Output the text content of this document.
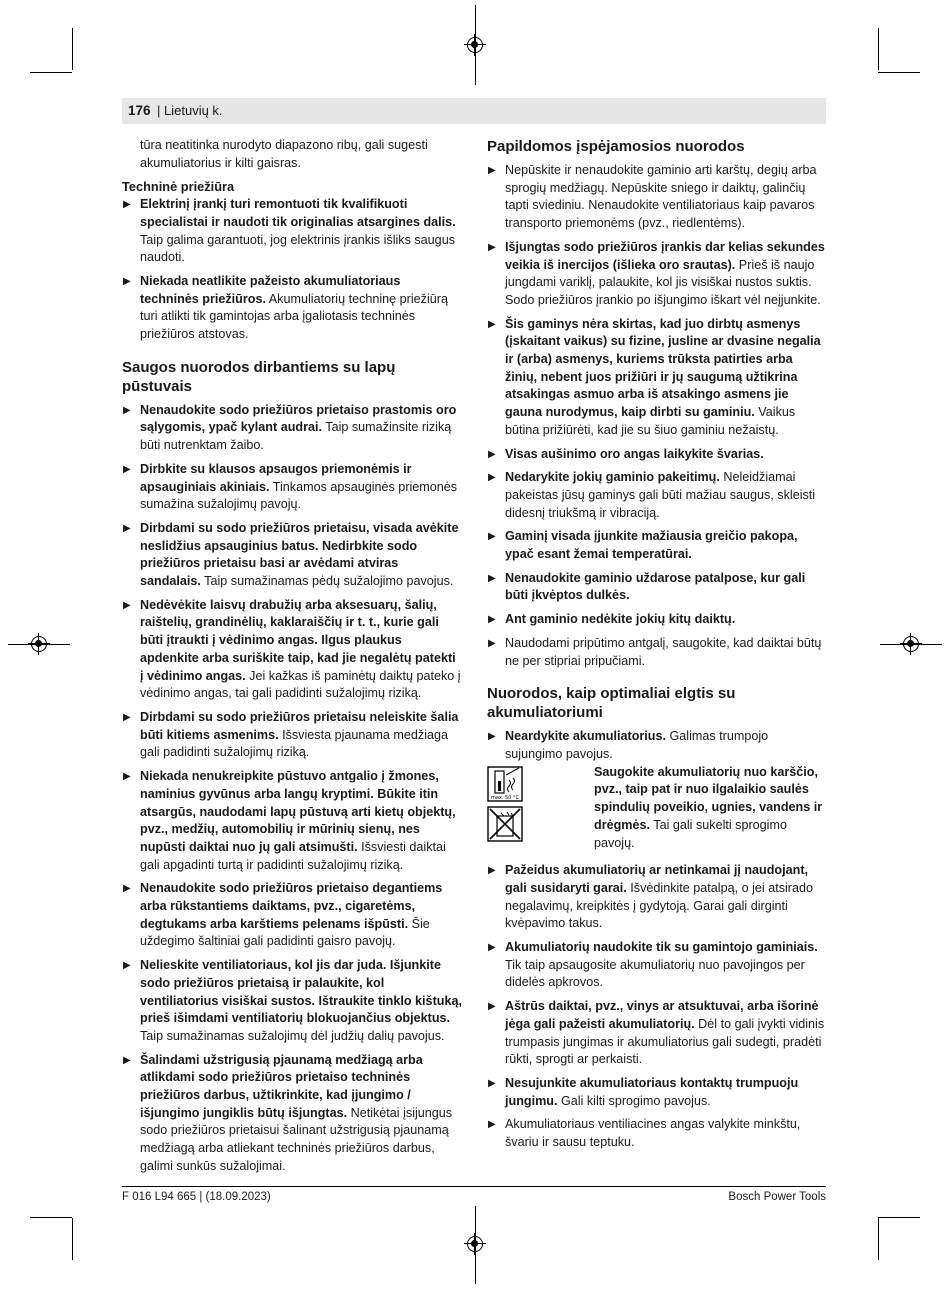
176 | Lietuvių k.

tūra neatitinka nurodyto diapazono ribų, gali sugesti akumuliatorius ir kilti gaisras.

Techninė priežiūra

▶ Elektrinį įrankį turi remontuoti tik kvalifikuoti specialistai ir naudoti tik originalias atsargines dalis. Taip galima garantuoti, jog elektrinis įrankis išliks saugus naudoti.

▶ Niekada neatlikite pažeisto akumuliatoriaus techninės priežiūros. Akumuliatorių techninę priežiūrą turi atlikti tik gamintojas arba įgaliotasis techninės priežiūros atstovas.

Saugos nuorodos dirbantiems su lapų pūstuvais

▶ Nenaudokite sodo priežiūros prietaiso prastomis oro sąlygomis, ypač kylant audrai. Taip sumažinsite riziką būti nutrenktam žaibo.

▶ Dirbkite su klausos apsaugos priemonėmis ir apsauginiais akiniais. Tinkamos apsauginės priemonės sumažina sužalojimų pavojų.

▶ Dirbdami su sodo priežiūros prietaisu, visada avėkite neslidžius apsauginius batus. Nedirbkite sodo priežiūros prietaisu basi ar avėdami atviras sandalais. Taip sumažinamas pėdų sužalojimo pavojus.

▶ Nedėvėkite laisvų drabužių arba aksesuarų, šalių, raištelių, grandinėlių, kaklaraiščių ir t. t., kurie gali būti įtraukti į vėdinimo angas. Ilgus plaukus apdenkite arba suriškite taip, kad jie negalėtų patekti į vėdinimo angas. Jei kažkas iš paminėtų daiktų pateko į vėdinimo angas, tai gali padidinti sužalojimų riziką.

▶ Dirbdami su sodo priežiūros prietaisu neleiskite šalia būti kitiems asmenims. Išsviesta pjaunama medžiaga gali padidinti sužalojimų riziką.

▶ Niekada nenukreipkite pūstuvo antgalio į žmones, naminius gyvūnus arba langų kryptimi. Būkite itin atsargūs, naudodami lapų pūstuvą arti kietų objektų, pvz., medžių, automobilių ir mūrinių sienų, nes nupūsti daiktai nuo jų gali atsimušti. Išsviesti daiktai gali apgadinti turtą ir padidinti sužalojimų riziką.

▶ Nenaudokite sodo priežiūros prietaiso degantiems arba rūkstantiems daiktams, pvz., cigaretėms, degtukams arba karštiems pelenams išpūsti. Šie uždegimo šaltiniai gali padidinti gaisro pavojų.

▶ Nelieskite ventiliatoriaus, kol jis dar juda. Išjunkite sodo priežiūros prietaisą ir palaukite, kol ventiliatorius visiškai sustos. Ištraukite tinklo kištuką, prieš išimdami ventiliatorių blokuojančius objektus. Taip sumažinamas sužalojimų dėl judžių dalių pavojus.

▶ Šalindami užstrigusią pjaunamą medžiagą arba atlikdami sodo priežiūros prietaiso techninės priežiūros darbus, užtikrinkite, kad įjungimo / išjungimo jungiklis būtų išjungtas. Netikėtai įsijungus sodo priežiūros prietaisui šalinant užstrigusią pjaunamą medžiagą arba atliekant techninės priežiūros darbus, galimi sunkūs sužalojimai.

Papildomos įspėjamosios nuorodos

▶ Nepūskite ir nenaudokite gaminio arti karštų, degių arba sprogių medžiagų. Nepūskite sniego ir daiktų, galinčių tapti sviediniu. Nenaudokite ventiliatoriaus kaip pavaros transporto priemonėms (pvz., riedlentėms).

▶ Išjungtas sodo priežiūros įrankis dar kelias sekundes veikia iš inercijos (išlieka oro srautas). Prieš iš naujo jungdami variklį, palaukite, kol jis visiškai nustos suktis. Sodo priežiūros įrankio po išjungimo iškart vėl neįjunkite.

▶ Šis gaminys nėra skirtas, kad juo dirbtų asmenys (įskaitant vaikus) su fizine, jusline ar dvasine negalia ir (arba) asmenys, kuriems trūksta patirties arba žinių, nebent juos prižiūri ir jų saugumą užtikrina atsakingas asmuo arba iš atsakingo asmens jie gauna nurodymus, kaip dirbti su gaminiu. Vaikus būtina prižiūrėti, kad jie su šiuo gaminiu nežaistų.

▶ Visas aušinimo oro angas laikykite švarias.

▶ Nedarykite jokių gaminio pakeitimų. Neleidžiamai pakeistas jūsų gaminys gali būti mažiau saugus, skleisti didesnį triukšmą ir vibraciją.

▶ Gaminį visada įjunkite mažiausia greičio pakopa, ypač esant žemai temperatūrai.

▶ Nenaudokite gaminio uždarose patalpose, kur gali būti įkvėptos dulkės.

▶ Ant gaminio nedėkite jokių kitų daiktų.

▶ Naudodami pripūtimo antgalį, saugokite, kad daiktai būtų ne per stipriai pripučiami.

Nuorodos, kaip optimaliai elgtis su akumuliatoriumi

▶ Neardykite akumuliatorius. Galimas trumpojo sujungimo pavojus.

max. 50 °C

Saugokite akumuliatorių nuo karščio, pvz., taip pat ir nuo ilgalaikio saulės spindulių poveikio, ugnies, vandens ir drėgmės. Tai gali sukelti sprogimo pavojų.

▶ Pažeidus akumuliatorių ar netinkamai jį naudojant, gali susidaryti garai. Išvėdinkite patalpą, o jei atsirado negalavimų, kreipkitės į gydytoją. Garai gali dirginti kvėpavimo takus.

▶ Akumuliatorių naudokite tik su gamintojo gaminiais. Tik taip apsaugosite akumuliatorių nuo pavojingos per didelės apkrovos.

▶ Aštrūs daiktai, pvz., vinys ar atsuktuvai, arba išorinė jėga gali pažeisti akumuliatorių. Dėl to gali įvykti vidinis trumpasis jungimas ir akumuliatorius gali sudegti, pradėti rūkti, sprogti ar perkaisti.

▶ Nesujunkite akumuliatoriaus kontaktų trumpuoju jungimu. Gali kilti sprogimo pavojus.

▶ Akumuliatoriaus ventiliacines angas valykite minkštu, švariu ir sausu teptuku.

F 016 L94 665 | (18.09.2023)	Bosch Power Tools
